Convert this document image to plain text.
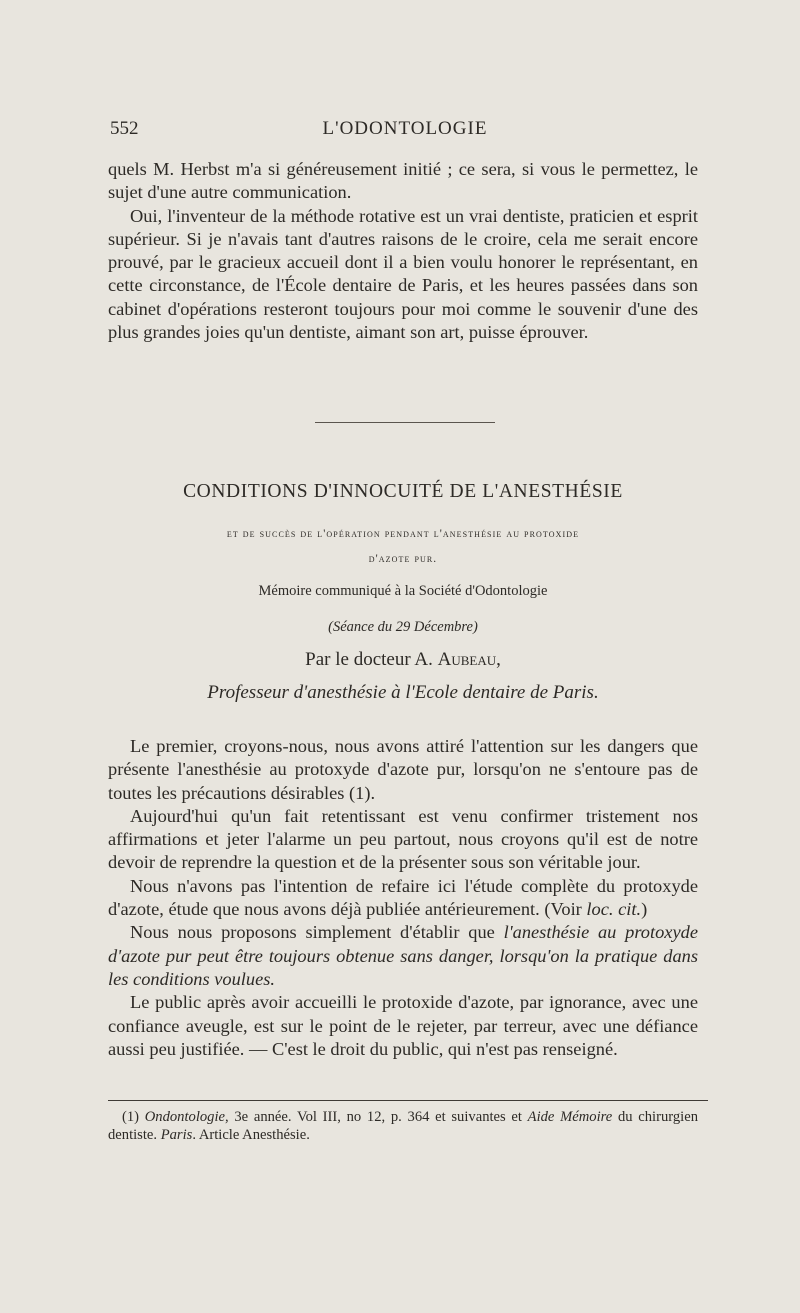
552	L'ODONTOLOGIE

quels M. Herbst m'a si généreusement initié ; ce sera, si vous le permettez, le sujet d'une autre communication.

Oui, l'inventeur de la méthode rotative est un vrai dentiste, praticien et esprit supérieur. Si je n'avais tant d'autres raisons de le croire, cela me serait encore prouvé, par le gracieux accueil dont il a bien voulu honorer le représentant, en cette circonstance, de l'École dentaire de Paris, et les heures passées dans son cabinet d'opérations resteront toujours pour moi comme le souvenir d'une des plus grandes joies qu'un dentiste, aimant son art, puisse éprouver.

CONDITIONS D'INNOCUITÉ DE L'ANESTHÉSIE
et de succès de l'opération pendant l'anesthésie au protoxide
d'azote pur.
Mémoire communiqué à la Société d'Odontologie
(Séance du 29 Décembre)
Par le docteur A. Aubeau,
Professeur d'anesthésie à l'Ecole dentaire de Paris.

Le premier, croyons-nous, nous avons attiré l'attention sur les dangers que présente l'anesthésie au protoxyde d'azote pur, lorsqu'on ne s'entoure pas de toutes les précautions désirables (1).

Aujourd'hui qu'un fait retentissant est venu confirmer tristement nos affirmations et jeter l'alarme un peu partout, nous croyons qu'il est de notre devoir de reprendre la question et de la présenter sous son véritable jour.

Nous n'avons pas l'intention de refaire ici l'étude complète du protoxyde d'azote, étude que nous avons déjà publiée antérieurement. (Voir loc. cit.)

Nous nous proposons simplement d'établir que l'anesthésie au protoxyde d'azote pur peut être toujours obtenue sans danger, lorsqu'on la pratique dans les conditions voulues.

Le public après avoir accueilli le protoxide d'azote, par ignorance, avec une confiance aveugle, est sur le point de le rejeter, par terreur, avec une défiance aussi peu justifiée. — C'est le droit du public, qui n'est pas renseigné.

(1) Ondontologie, 3e année. Vol III, no 12, p. 364 et suivantes et Aide Mémoire du chirurgien dentiste. Paris. Article Anesthésie.
